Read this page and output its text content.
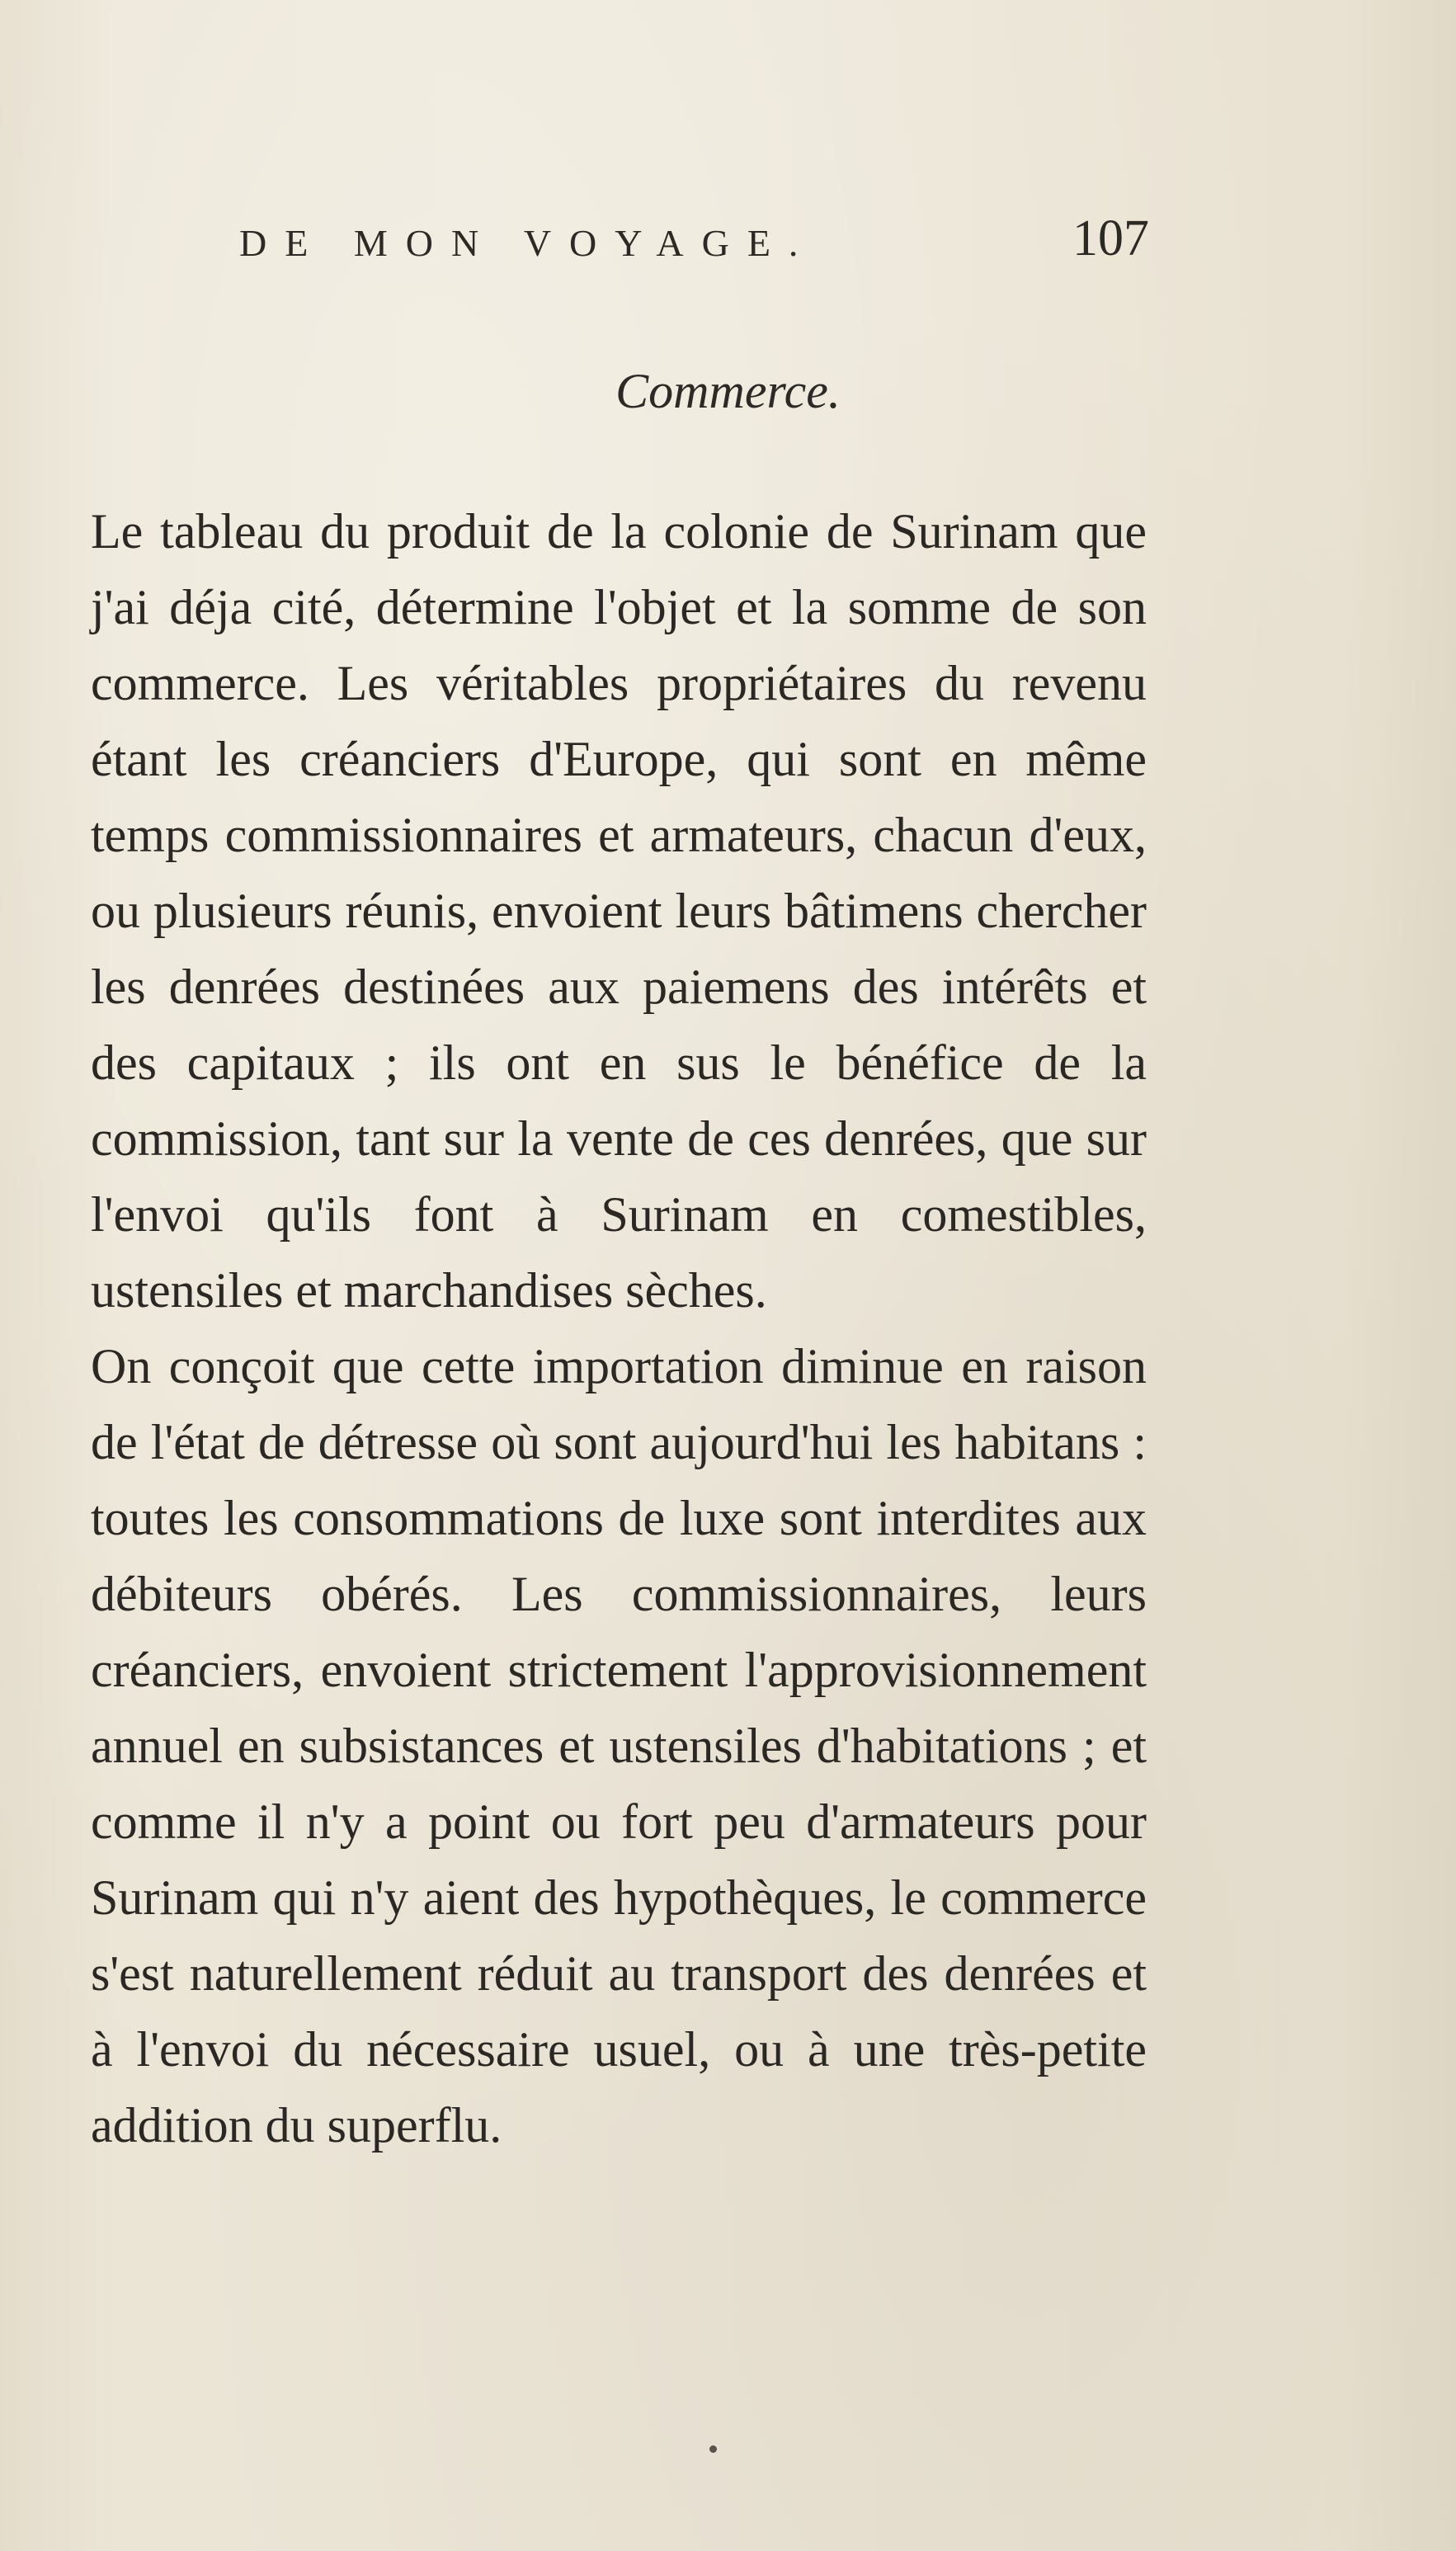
DE MON VOYAGE.	107
Commerce.

Le tableau du produit de la colonie de Surinam que j'ai déja cité, détermine l'objet et la somme de son commerce. Les véritables propriétaires du revenu étant les créanciers d'Europe, qui sont en même temps commissionnaires et armateurs, chacun d'eux, ou plusieurs réunis, envoient leurs bâtimens chercher les denrées destinées aux paiemens des intérêts et des capitaux ; ils ont en sus le bénéfice de la commission, tant sur la vente de ces denrées, que sur l'envoi qu'ils font à Surinam en comestibles, ustensiles et marchandises sèches.

On conçoit que cette importation diminue en raison de l'état de détresse où sont aujourd'hui les habitans : toutes les consommations de luxe sont interdites aux débiteurs obérés. Les commissionnaires, leurs créanciers, envoient strictement l'approvisionnement annuel en subsistances et ustensiles d'habitations ; et comme il n'y a point ou fort peu d'armateurs pour Surinam qui n'y aient des hypothèques, le commerce s'est naturellement réduit au transport des denrées et à l'envoi du nécessaire usuel, ou à une très-petite addition du superflu.
